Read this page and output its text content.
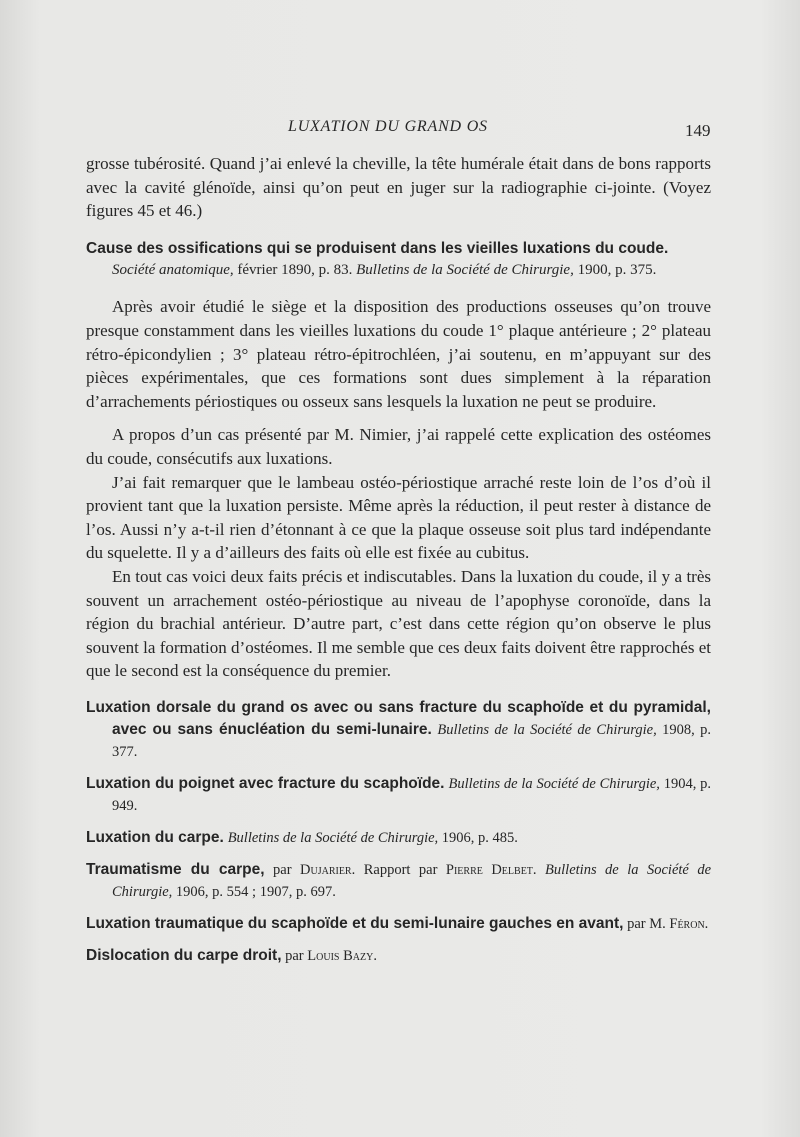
LUXATION DU GRAND OS	149

grosse tubérosité. Quand j’ai enlevé la cheville, la tête humérale était dans de bons rapports avec la cavité glénoïde, ainsi qu’on peut en juger sur la radiographie ci-jointe. (Voyez figures 45 et 46.)

Cause des ossifications qui se produisent dans les vieilles luxations du coude.

Société anatomique, février 1890, p. 83. Bulletins de la Société de Chirurgie, 1900, p. 375.

Après avoir étudié le siège et la disposition des productions osseuses qu’on trouve presque constamment dans les vieilles luxations du coude 1° plaque antérieure ; 2° plateau rétro-épicondylien ; 3° plateau rétro-épitrochléen, j’ai soutenu, en m’appuyant sur des pièces expérimentales, que ces formations sont dues simplement à la réparation d’arrachements périostiques ou osseux sans lesquels la luxation ne peut se produire.

A propos d’un cas présenté par M. Nimier, j’ai rappelé cette explication des ostéomes du coude, consécutifs aux luxations.

J’ai fait remarquer que le lambeau ostéo-périostique arraché reste loin de l’os d’où il provient tant que la luxation persiste. Même après la réduction, il peut rester à distance de l’os. Aussi n’y a-t-il rien d’étonnant à ce que la plaque osseuse soit plus tard indépendante du squelette. Il y a d’ailleurs des faits où elle est fixée au cubitus.

En tout cas voici deux faits précis et indiscutables. Dans la luxation du coude, il y a très souvent un arrachement ostéo-périostique au niveau de l’apophyse coronoïde, dans la région du brachial antérieur. D’autre part, c’est dans cette région qu’on observe le plus souvent la formation d’ostéomes. Il me semble que ces deux faits doivent être rapprochés et que le second est la conséquence du premier.

Luxation dorsale du grand os avec ou sans fracture du scaphoïde et du pyramidal, avec ou sans énucléation du semi-lunaire. Bulletins de la Société de Chirurgie, 1908, p. 377.

Luxation du poignet avec fracture du scaphoïde. Bulletins de la Société de Chirurgie, 1904, p. 949.

Luxation du carpe. Bulletins de la Société de Chirurgie, 1906, p. 485.

Traumatisme du carpe, par Dujarier. Rapport par Pierre Delbet. Bulletins de la Société de Chirurgie, 1906, p. 554 ; 1907, p. 697.

Luxation traumatique du scaphoïde et du semi-lunaire gauches en avant, par M. Féron.

Dislocation du carpe droit, par Louis Bazy.
